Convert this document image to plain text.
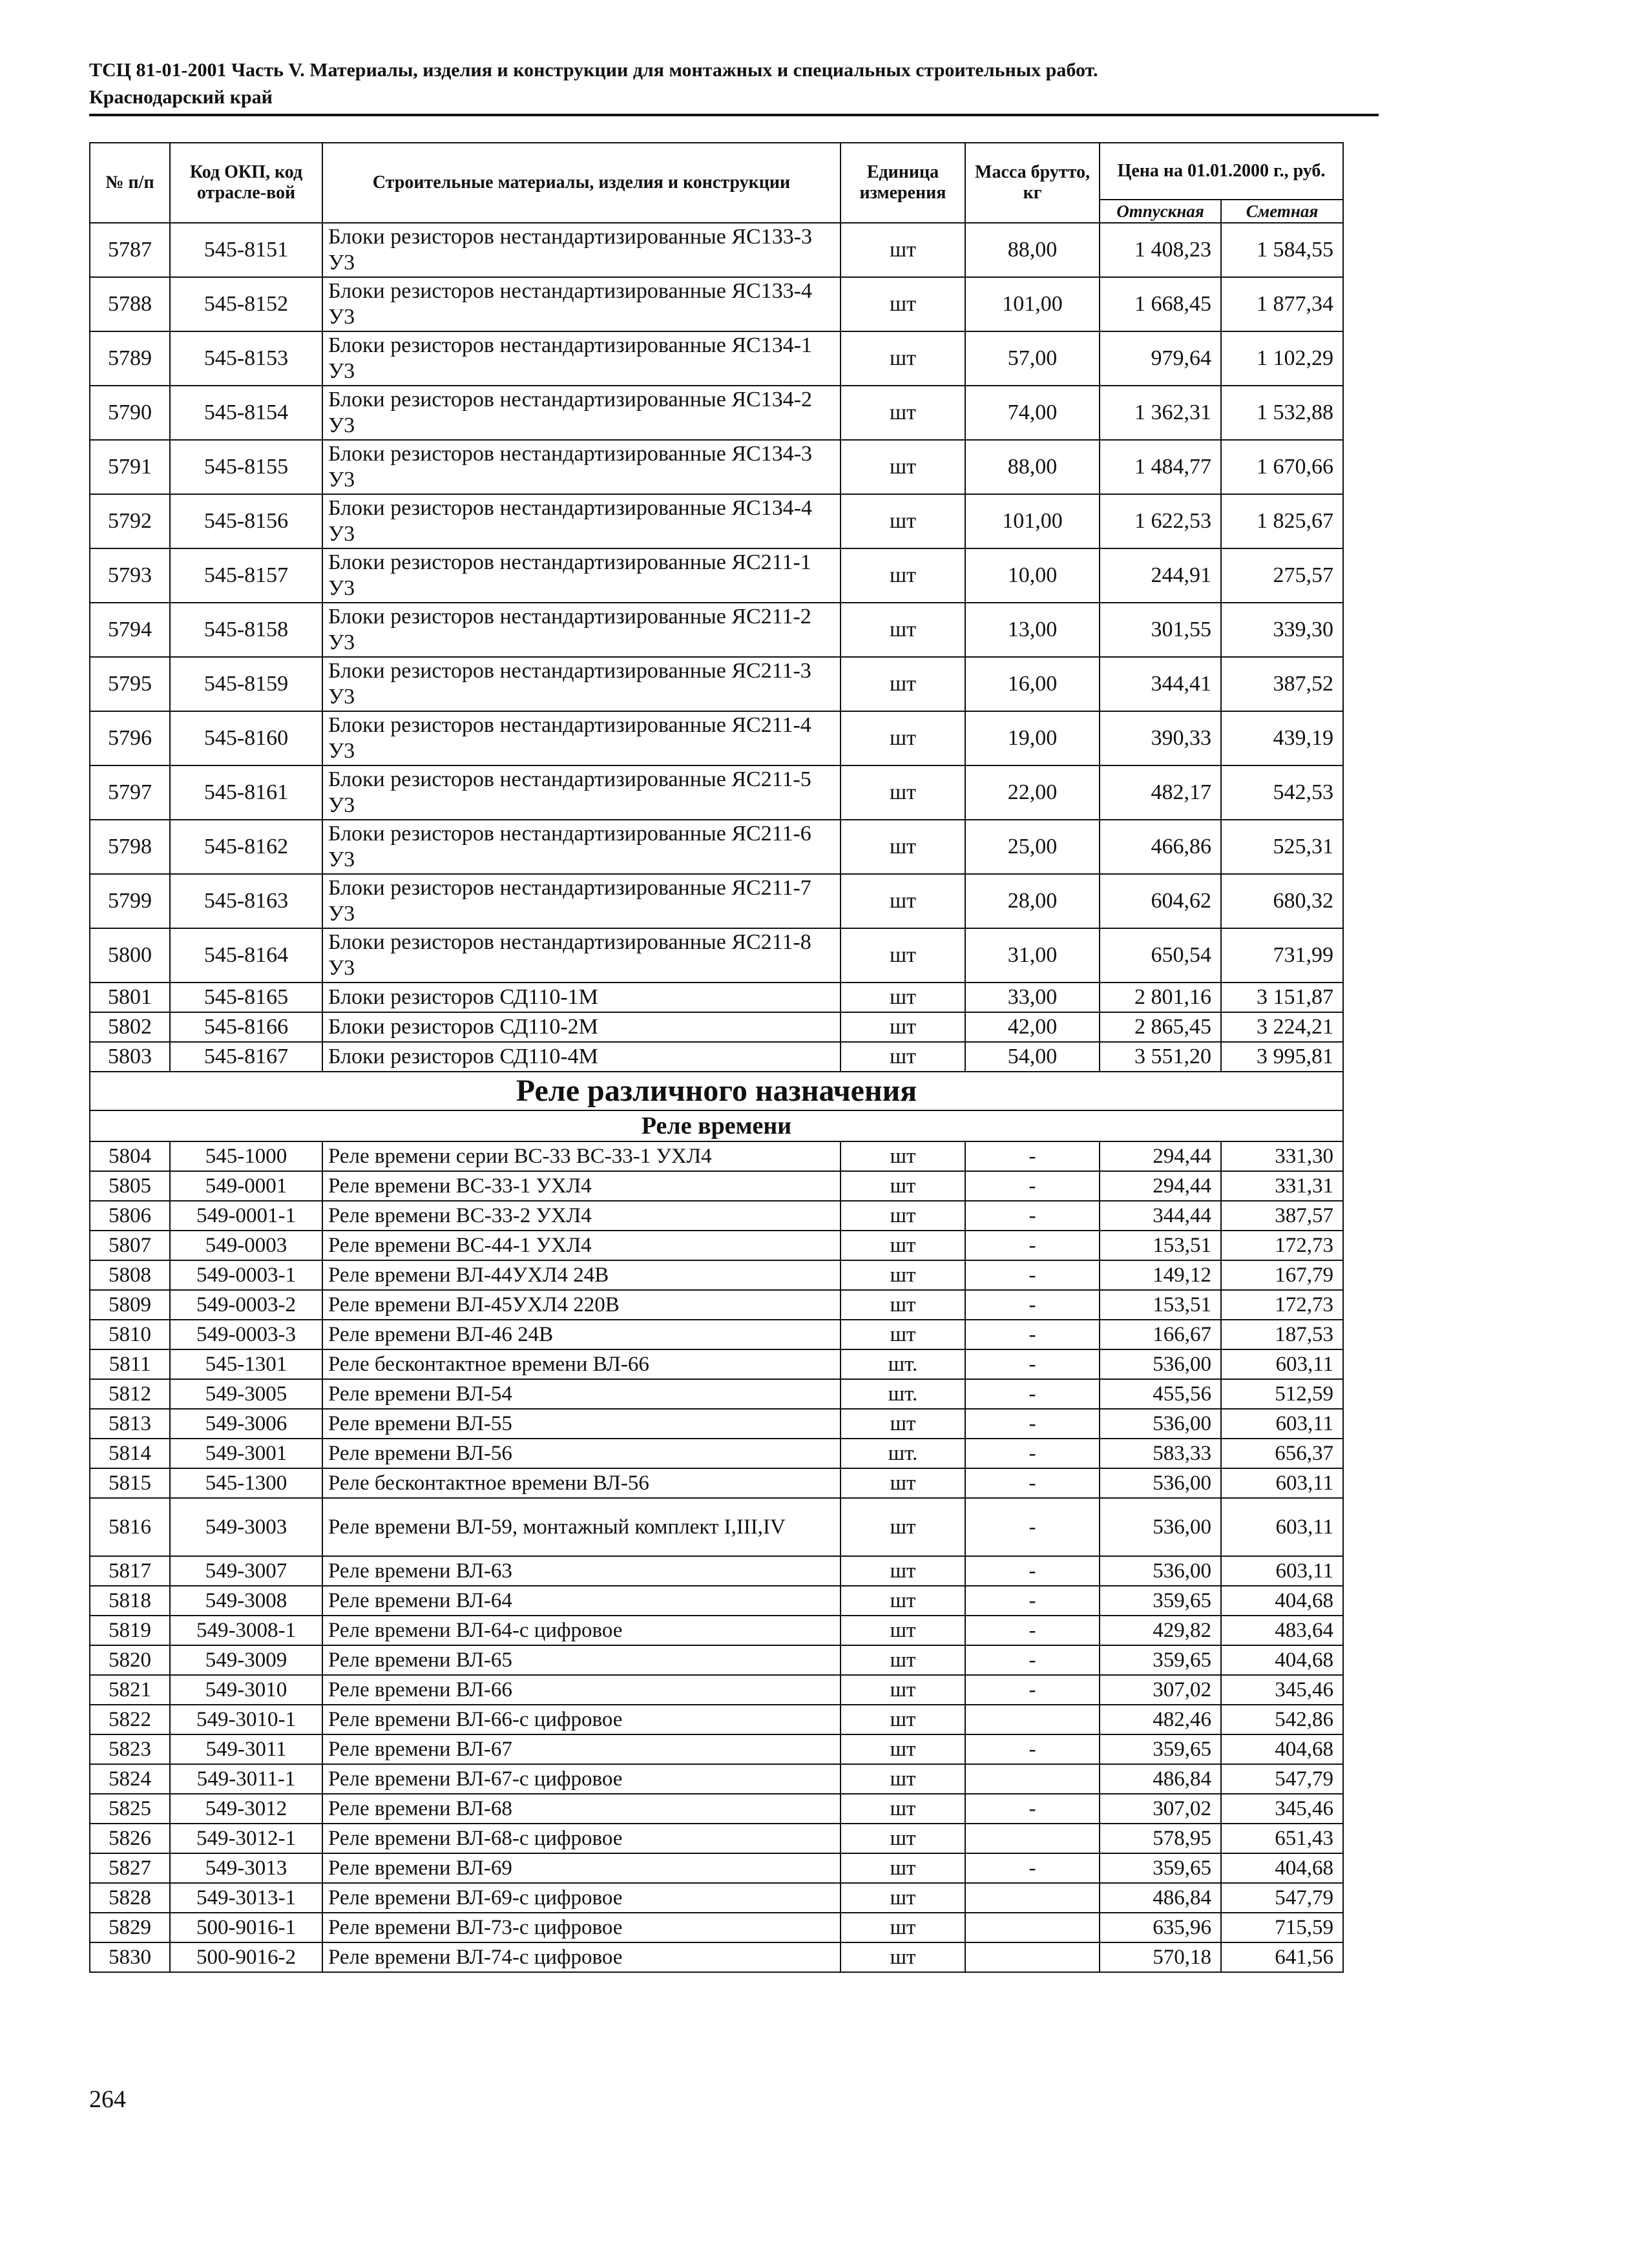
ТСЦ 81-01-2001 Часть V. Материалы, изделия и конструкции для монтажных и специальных строительных работ.
Краснодарский край
№ п/п	Код ОКП, код отрасле-вой	Строительные материалы, изделия и конструкции	Единица измерения	Масса брутто, кг	Цена на 01.01.2000 г., руб.	
					Отпускная	Сметная
5787	545-8151	Блоки резисторов нестандартизированные ЯС133-3 У3	шт	88,00	1 408,23	1 584,55
5788	545-8152	Блоки резисторов нестандартизированные ЯС133-4 У3	шт	101,00	1 668,45	1 877,34
5789	545-8153	Блоки резисторов нестандартизированные ЯС134-1 У3	шт	57,00	979,64	1 102,29
5790	545-8154	Блоки резисторов нестандартизированные ЯС134-2 У3	шт	74,00	1 362,31	1 532,88
5791	545-8155	Блоки резисторов нестандартизированные ЯС134-3 У3	шт	88,00	1 484,77	1 670,66
5792	545-8156	Блоки резисторов нестандартизированные ЯС134-4 У3	шт	101,00	1 622,53	1 825,67
5793	545-8157	Блоки резисторов нестандартизированные ЯС211-1 У3	шт	10,00	244,91	275,57
5794	545-8158	Блоки резисторов нестандартизированные ЯС211-2 У3	шт	13,00	301,55	339,30
5795	545-8159	Блоки резисторов нестандартизированные ЯС211-3 У3	шт	16,00	344,41	387,52
5796	545-8160	Блоки резисторов нестандартизированные ЯС211-4 У3	шт	19,00	390,33	439,19
5797	545-8161	Блоки резисторов нестандартизированные ЯС211-5 У3	шт	22,00	482,17	542,53
5798	545-8162	Блоки резисторов нестандартизированные ЯС211-6 У3	шт	25,00	466,86	525,31
5799	545-8163	Блоки резисторов нестандартизированные ЯС211-7 У3	шт	28,00	604,62	680,32
5800	545-8164	Блоки резисторов нестандартизированные ЯС211-8 У3	шт	31,00	650,54	731,99
5801	545-8165	Блоки резисторов СД110-1М	шт	33,00	2 801,16	3 151,87
5802	545-8166	Блоки резисторов СД110-2М	шт	42,00	2 865,45	3 224,21
5803	545-8167	Блоки резисторов СД110-4М	шт	54,00	3 551,20	3 995,81
Реле различного назначения						
Реле времени						
5804	545-1000	Реле времени серии ВС-33 ВС-33-1 УХЛ4	шт	-	294,44	331,30
5805	549-0001	Реле времени ВС-33-1 УХЛ4	шт	-	294,44	331,31
5806	549-0001-1	Реле времени ВС-33-2 УХЛ4	шт	-	344,44	387,57
5807	549-0003	Реле времени ВС-44-1 УХЛ4	шт	-	153,51	172,73
5808	549-0003-1	Реле времени ВЛ-44УХЛ4 24В	шт	-	149,12	167,79
5809	549-0003-2	Реле времени ВЛ-45УХЛ4 220В	шт	-	153,51	172,73
5810	549-0003-3	Реле времени ВЛ-46 24В	шт	-	166,67	187,53
5811	545-1301	Реле бесконтактное времени ВЛ-66	шт.	-	536,00	603,11
5812	549-3005	Реле времени ВЛ-54	шт.	-	455,56	512,59
5813	549-3006	Реле времени ВЛ-55	шт	-	536,00	603,11
5814	549-3001	Реле времени ВЛ-56	шт.	-	583,33	656,37
5815	545-1300	Реле бесконтактное времени ВЛ-56	шт	-	536,00	603,11
5816	549-3003	Реле времени ВЛ-59, монтажный комплект I,III,IV	шт	-	536,00	603,11
5817	549-3007	Реле времени ВЛ-63	шт	-	536,00	603,11
5818	549-3008	Реле времени ВЛ-64	шт	-	359,65	404,68
5819	549-3008-1	Реле времени ВЛ-64-с цифровое	шт	-	429,82	483,64
5820	549-3009	Реле времени ВЛ-65	шт	-	359,65	404,68
5821	549-3010	Реле времени ВЛ-66	шт	-	307,02	345,46
5822	549-3010-1	Реле времени ВЛ-66-с цифровое	шт		482,46	542,86
5823	549-3011	Реле времени ВЛ-67	шт	-	359,65	404,68
5824	549-3011-1	Реле времени ВЛ-67-с цифровое	шт		486,84	547,79
5825	549-3012	Реле времени ВЛ-68	шт	-	307,02	345,46
5826	549-3012-1	Реле времени ВЛ-68-с цифровое	шт		578,95	651,43
5827	549-3013	Реле времени ВЛ-69	шт	-	359,65	404,68
5828	549-3013-1	Реле времени ВЛ-69-с цифровое	шт		486,84	547,79
5829	500-9016-1	Реле времени ВЛ-73-с цифровое	шт		635,96	715,59
5830	500-9016-2	Реле времени ВЛ-74-с цифровое	шт		570,18	641,56
264
